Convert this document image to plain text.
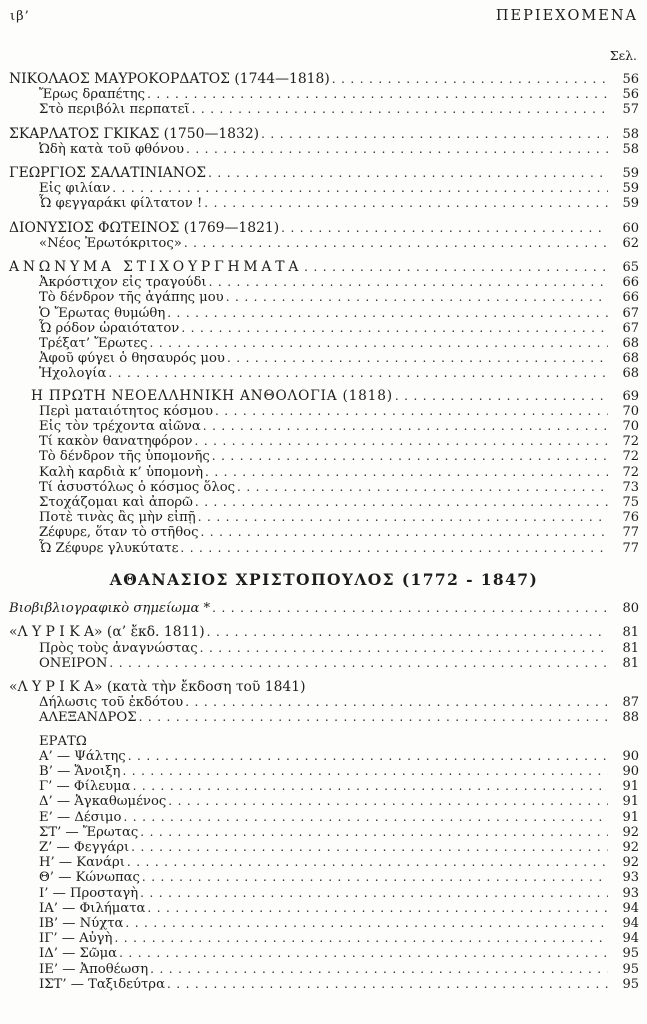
ιβ’	ΠΕΡΙΕΧΟΜΕΝΑ
Σελ.
ΝΙΚΟΛΑΟΣ ΜΑΥΡΟΚΟΡΔΑΤΟΣ (1744—1818) .....	56
Ἔρως δραπέτης .....	56
Στὸ περιβόλι περπατεῖ .....	57
ΣΚΑΡΛΑΤΟΣ ΓΚΙΚΑΣ (1750—1832) .....	58
Ὠδὴ κατὰ τοῦ φθόνου .....	58
ΓΕΩΡΓΙΟΣ ΣΑΛΑΤΙΝΙΑΝΟΣ .....	59
Εἰς φιλίαν .....	59
Ὦ φεγγαράκι φίλτατον ! .....	59
ΔΙΟΝΥΣΙΟΣ ΦΩΤΕΙΝΟΣ (1769—1821) .....	60
«Νέος Ἐρωτόκριτος» .....	62
ΑΝΩΝΥΜΑ ΣΤΙΧΟΥΡΓΗΜΑΤΑ .....	65
Ἀκρόστιχον εἰς τραγούδι .....	66
Τὸ δένδρον τῆς ἀγάπης μου .....	66
Ὁ Ἔρωτας θυμώθη .....	67
Ὦ ρόδον ὡραιότατον .....	67
Τρέξατ’ Ἔρωτες .....	68
Ἀφοῦ φύγει ὁ θησαυρός μου .....	68
Ἠχολογία .....	68
Η ΠΡΩΤΗ ΝΕΟΕΛΛΗΝΙΚΗ ΑΝΘΟΛΟΓΙΑ (1818) .....	69
Περὶ ματαιότητος κόσμου .....	70
Εἰς τὸν τρέχοντα αἰῶνα .....	70
Τί κακὸν θανατηφόρον .....	72
Τὸ δένδρον τῆς ὑπομονῆς .....	72
Καλὴ καρδιὰ κ’ ὑπομονὴ .....	72
Τί ἀσυστόλως ὁ κόσμος ὅλος .....	73
Στοχάζομαι καὶ ἀπορῶ .....	75
Ποτὲ τινὰς ἂς μὴν εἰπῇ .....	76
Ζέφυρε, ὅταν τὸ στῆθος .....	77
Ὦ Ζέφυρε γλυκύτατε .....	77
ΑΘΑΝΑΣΙΟΣ ΧΡΙΣΤΟΠΟΥΛΟΣ (1772 - 1847)
Βιοβιβλιογραφικὸ σημείωμα * .....	80
«Λ Υ Ρ Ι Κ Α» (α’ ἔκδ. 1811) .....	81
Πρὸς τοὺς ἀναγνώστας .....	81
ΟΝΕΙΡΟΝ .....	81
«Λ Υ Ρ Ι Κ Α» (κατὰ τὴν ἔκδοση τοῦ 1841)
Δήλωσις τοῦ ἐκδότου .....	87
ΑΛΕΞΑΝΔΡΟΣ .....	88
ΕΡΑΤΩ
Α’ — Ψάλτης .....	90
Β’ — Ἄνοιξη .....	90
Γ’ — Φίλευμα .....	91
Δ’ — Ἀγκαθωμένος .....	91
Ε’ — Δέσιμο .....	91
ΣΤ’ — Ἔρωτας .....	92
Ζ’ — Φεγγάρι .....	92
Η’ — Κανάρι .....	92
Θ’ — Κώνωπας .....	93
Ι’ — Προσταγὴ .....	93
ΙΑ’ — Φιλήματα .....	94
ΙΒ’ — Νύχτα .....	94
ΙΓ’ — Αὐγὴ .....	94
ΙΔ’ — Σῶμα .....	95
ΙΕ’ — Ἀποθέωση .....	95
ΙΣΤ’ — Ταξιδεύτρα .....	95
